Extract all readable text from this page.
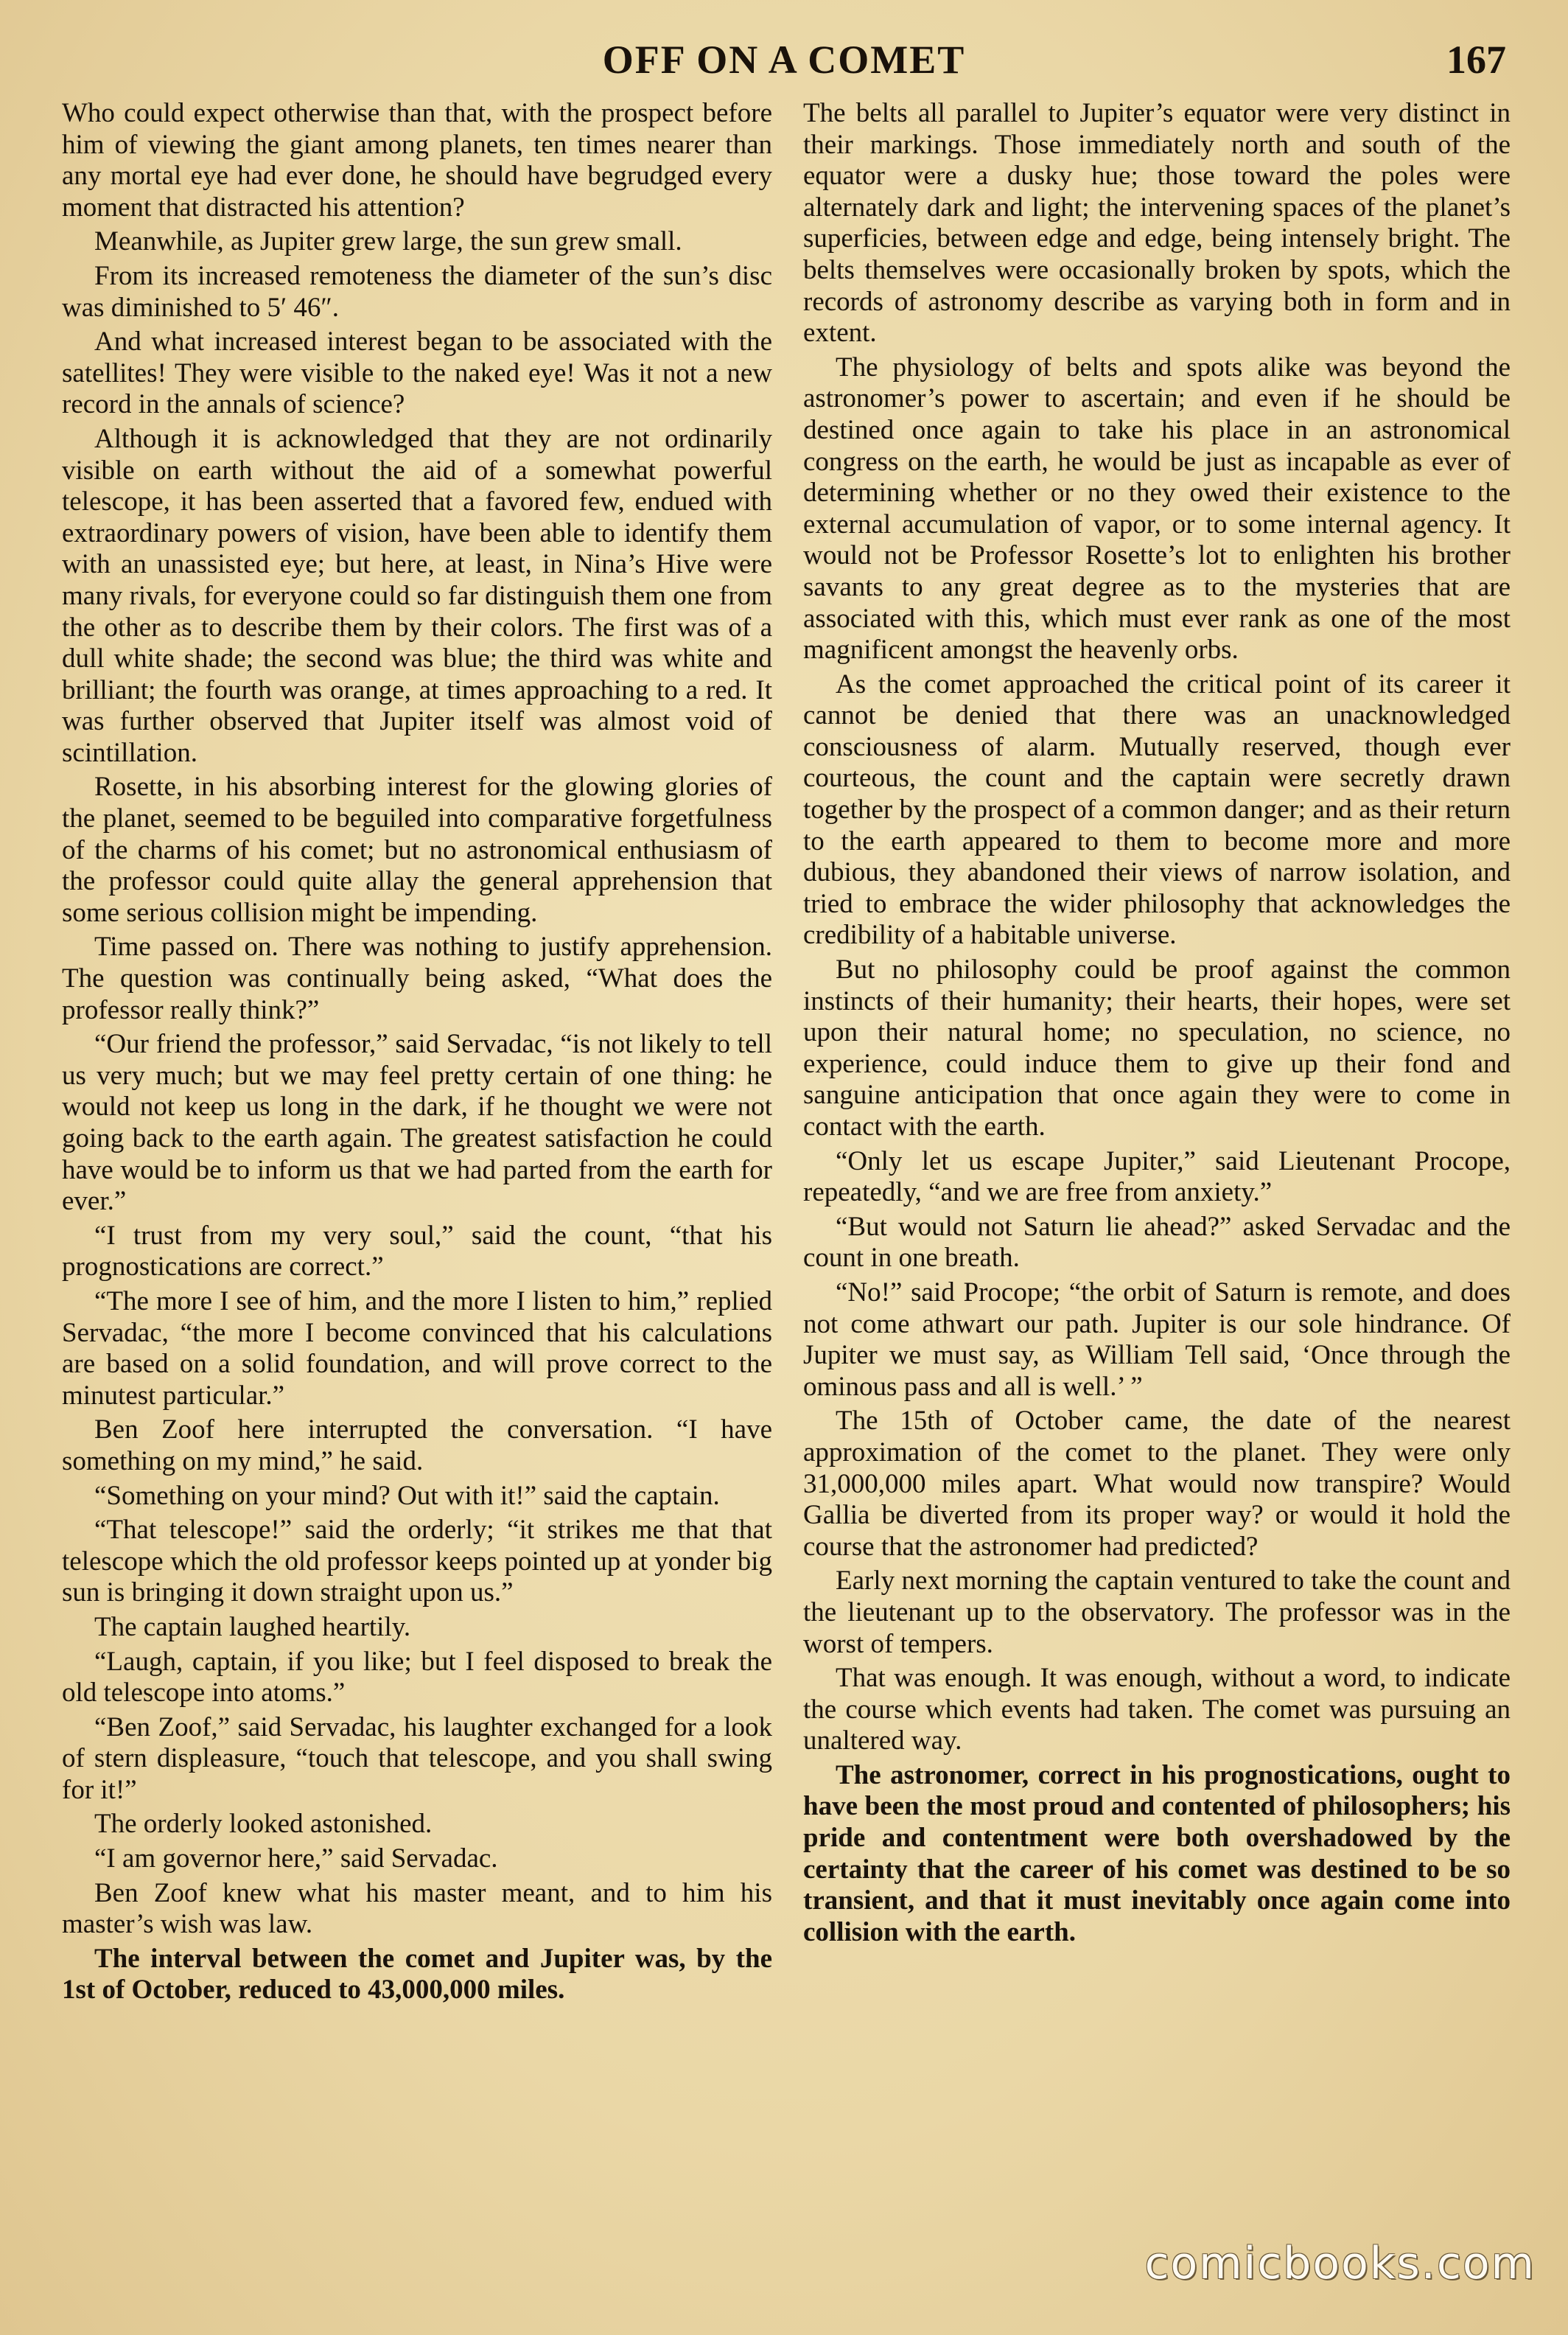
OFF ON A COMET	167

Who could expect otherwise than that, with the prospect before him of viewing the giant among planets, ten times nearer than any mortal eye had ever done, he should have begrudged every moment that distracted his attention?

Meanwhile, as Jupiter grew large, the sun grew small.

From its increased remoteness the diameter of the sun’s disc was diminished to 5′ 46″.

And what increased interest began to be associated with the satellites! They were visible to the naked eye! Was it not a new record in the annals of science?

Although it is acknowledged that they are not ordinarily visible on earth without the aid of a somewhat powerful telescope, it has been asserted that a favored few, endued with extraordinary powers of vision, have been able to identify them with an unassisted eye; but here, at least, in Nina’s Hive were many rivals, for everyone could so far distinguish them one from the other as to describe them by their colors. The first was of a dull white shade; the second was blue; the third was white and brilliant; the fourth was orange, at times approaching to a red. It was further observed that Jupiter itself was almost void of scintillation.

Rosette, in his absorbing interest for the glowing glories of the planet, seemed to be beguiled into comparative forgetfulness of the charms of his comet; but no astronomical enthusiasm of the professor could quite allay the general apprehension that some serious collision might be impending.

Time passed on. There was nothing to justify apprehension. The question was continually being asked, “What does the professor really think?”

“Our friend the professor,” said Servadac, “is not likely to tell us very much; but we may feel pretty certain of one thing: he would not keep us long in the dark, if he thought we were not going back to the earth again. The greatest satisfaction he could have would be to inform us that we had parted from the earth for ever.”

“I trust from my very soul,” said the count, “that his prognostications are correct.”

“The more I see of him, and the more I listen to him,” replied Servadac, “the more I become convinced that his calculations are based on a solid foundation, and will prove correct to the minutest particular.”

Ben Zoof here interrupted the conversation. “I have something on my mind,” he said.

“Something on your mind? Out with it!” said the captain.

“That telescope!” said the orderly; “it strikes me that that telescope which the old professor keeps pointed up at yonder big sun is bringing it down straight upon us.”

The captain laughed heartily.

“Laugh, captain, if you like; but I feel disposed to break the old telescope into atoms.”

“Ben Zoof,” said Servadac, his laughter exchanged for a look of stern displeasure, “touch that telescope, and you shall swing for it!”

The orderly looked astonished.

“I am governor here,” said Servadac.

Ben Zoof knew what his master meant, and to him his master’s wish was law.

The interval between the comet and Jupiter was, by the 1st of October, reduced to 43,000,000 miles.

The belts all parallel to Jupiter’s equator were very distinct in their markings. Those immediately north and south of the equator were a dusky hue; those toward the poles were alternately dark and light; the intervening spaces of the planet’s superficies, between edge and edge, being intensely bright. The belts themselves were occasionally broken by spots, which the records of astronomy describe as varying both in form and in extent.

The physiology of belts and spots alike was beyond the astronomer’s power to ascertain; and even if he should be destined once again to take his place in an astronomical congress on the earth, he would be just as incapable as ever of determining whether or no they owed their existence to the external accumulation of vapor, or to some internal agency. It would not be Professor Rosette’s lot to enlighten his brother savants to any great degree as to the mysteries that are associated with this, which must ever rank as one of the most magnificent amongst the heavenly orbs.

As the comet approached the critical point of its career it cannot be denied that there was an unacknowledged consciousness of alarm. Mutually reserved, though ever courteous, the count and the captain were secretly drawn together by the prospect of a common danger; and as their return to the earth appeared to them to become more and more dubious, they abandoned their views of narrow isolation, and tried to embrace the wider philosophy that acknowledges the credibility of a habitable universe.

But no philosophy could be proof against the common instincts of their humanity; their hearts, their hopes, were set upon their natural home; no speculation, no science, no experience, could induce them to give up their fond and sanguine anticipation that once again they were to come in contact with the earth.

“Only let us escape Jupiter,” said Lieutenant Procope, repeatedly, “and we are free from anxiety.”

“But would not Saturn lie ahead?” asked Servadac and the count in one breath.

“No!” said Procope; “the orbit of Saturn is remote, and does not come athwart our path. Jupiter is our sole hindrance. Of Jupiter we must say, as William Tell said, ‘Once through the ominous pass and all is well.’ ”

The 15th of October came, the date of the nearest approximation of the comet to the planet. They were only 31,000,000 miles apart. What would now transpire? Would Gallia be diverted from its proper way? or would it hold the course that the astronomer had predicted?

Early next morning the captain ventured to take the count and the lieutenant up to the observatory. The professor was in the worst of tempers.

That was enough. It was enough, without a word, to indicate the course which events had taken. The comet was pursuing an unaltered way.

The astronomer, correct in his prognostications, ought to have been the most proud and contented of philosophers; his pride and contentment were both overshadowed by the certainty that the career of his comet was destined to be so transient, and that it must inevitably once again come into collision with the earth.

comicbooks.com
